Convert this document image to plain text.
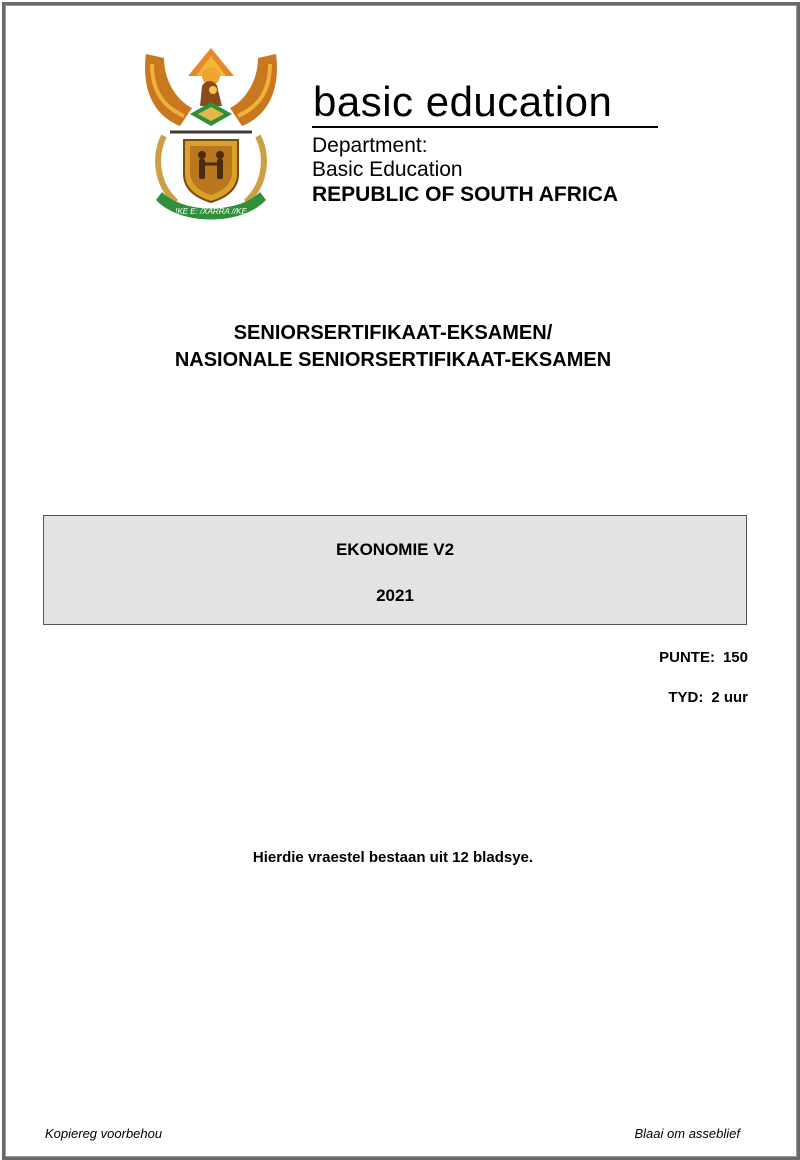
!KE E: /XARRA //KE
basic education
Department:
Basic Education
REPUBLIC OF SOUTH AFRICA
SENIORSERTIFIKAAT-EKSAMEN/
NASIONALE SENIORSERTIFIKAAT-EKSAMEN
EKONOMIE V2
2021
PUNTE: 150
TYD: 2 uur
Hierdie vraestel bestaan uit 12 bladsye.
Kopiereg voorbehou	Blaai om asseblief
